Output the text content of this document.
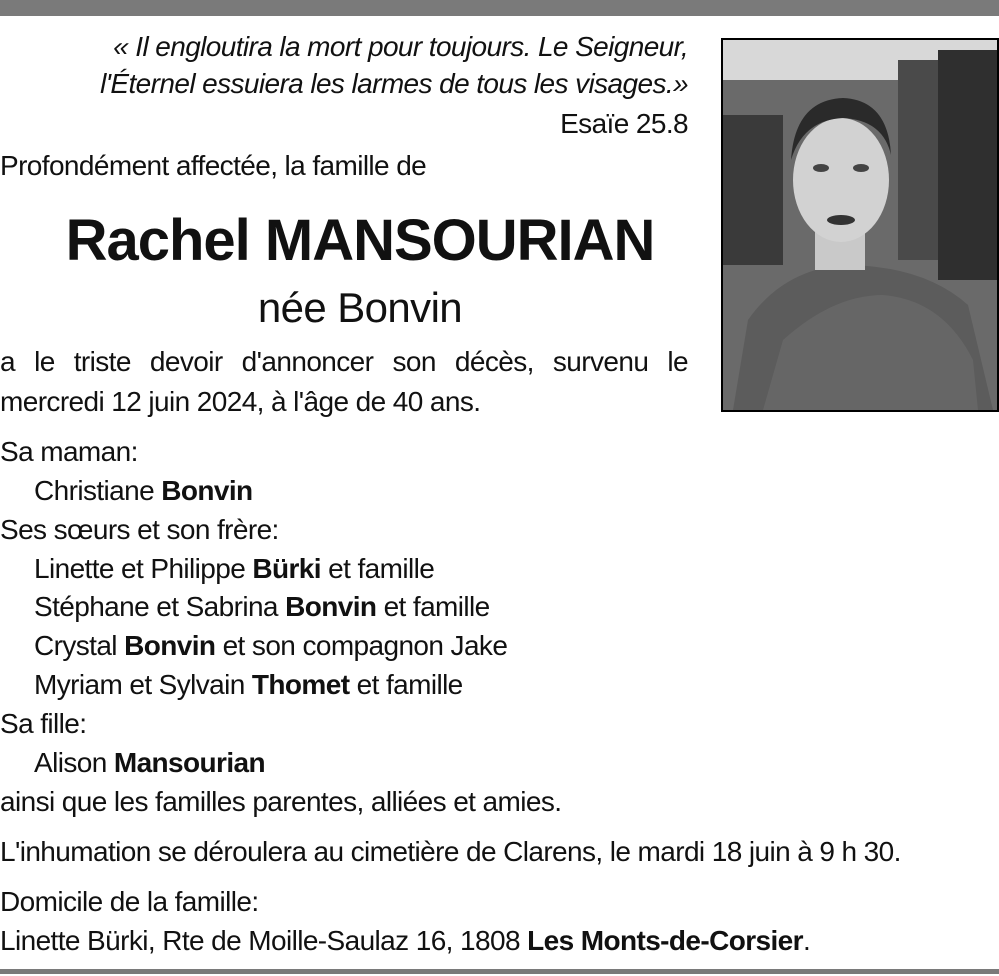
« Il engloutira la mort pour toujours. Le Seigneur,
l'Éternel essuiera les larmes de tous les visages.»
Esaïe 25.8
Profondément affectée, la famille de
Rachel MANSOURIAN
née Bonvin
a le triste devoir d'annoncer son décès, survenu le
mercredi 12 juin 2024, à l'âge de 40 ans.
Sa maman:
Christiane Bonvin
Ses sœurs et son frère:
Linette et Philippe Bürki et famille
Stéphane et Sabrina Bonvin et famille
Crystal Bonvin et son compagnon Jake
Myriam et Sylvain Thomet et famille
Sa fille:
Alison Mansourian
ainsi que les familles parentes, alliées et amies.
L'inhumation se déroulera au cimetière de Clarens, le mardi 18 juin à 9 h 30.
Domicile de la famille:
Linette Bürki, Rte de Moille-Saulaz 16, 1808 Les Monts-de-Corsier.
